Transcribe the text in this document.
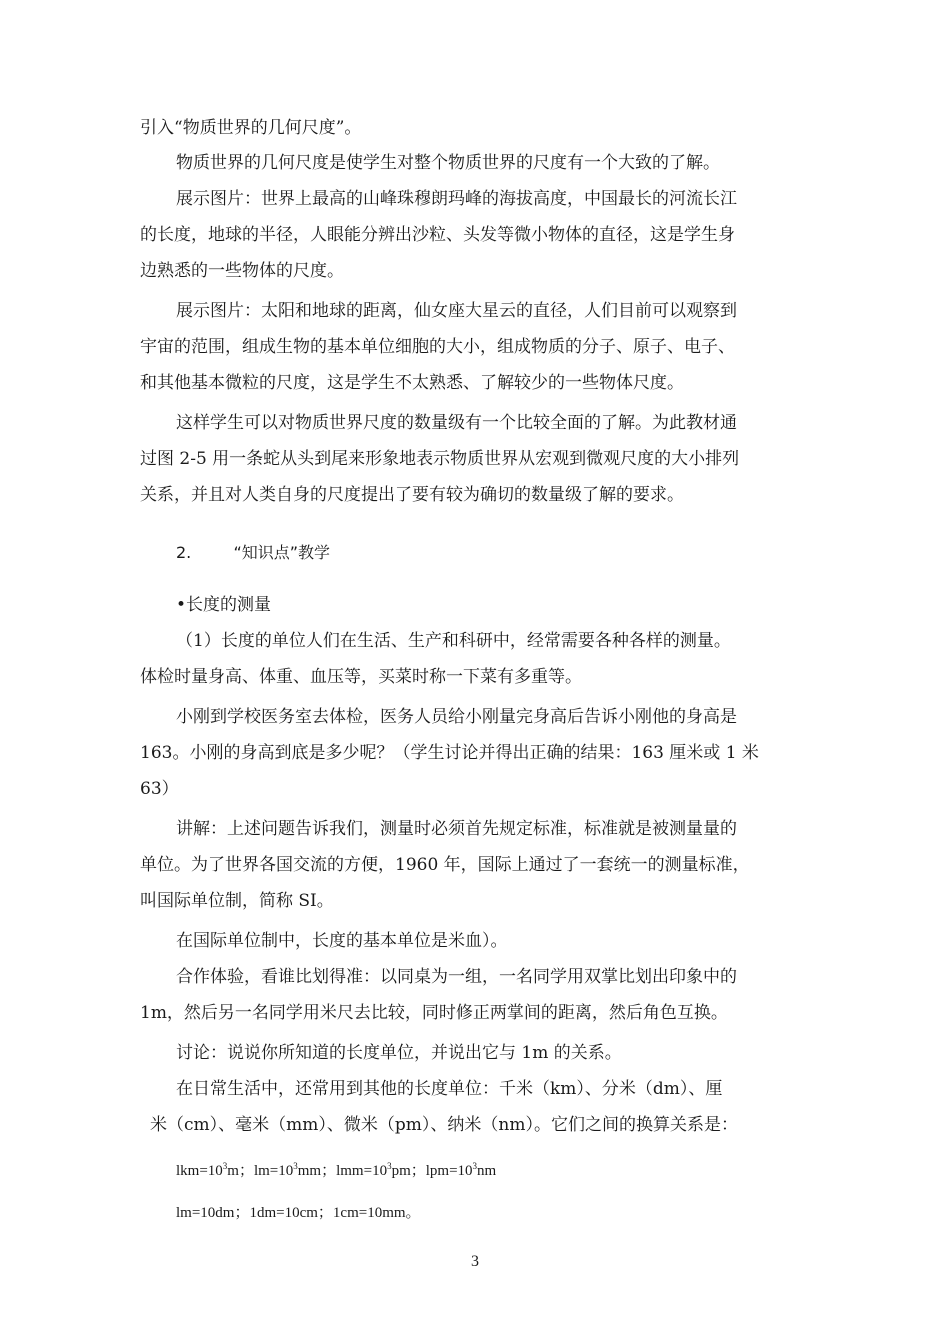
引入“物质世界的几何尺度”。
物质世界的几何尺度是使学生对整个物质世界的尺度有一个大致的了解。
展示图片：世界上最高的山峰珠穆朗玛峰的海拔高度，中国最长的河流长江
的长度，地球的半径，人眼能分辨出沙粒、头发等微小物体的直径，这是学生身
边熟悉的一些物体的尺度。
展示图片：太阳和地球的距离，仙女座大星云的直径，人们目前可以观察到
宇宙的范围，组成生物的基本单位细胞的大小，组成物质的分子、原子、电子、
和其他基本微粒的尺度，这是学生不太熟悉、了解较少的一些物体尺度。
这样学生可以对物质世界尺度的数量级有一个比较全面的了解。为此教材通
过图 2-5 用一条蛇从头到尾来形象地表示物质世界从宏观到微观尺度的大小排列
关系，并且对人类自身的尺度提出了要有较为确切的数量级了解的要求。
2.	“知识点”教学
•长度的测量
（1）长度的单位人们在生活、生产和科研中，经常需要各种各样的测量。
体检时量身高、体重、血压等，买菜时称一下菜有多重等。
小刚到学校医务室去体检，医务人员给小刚量完身高后告诉小刚他的身高是
163。小刚的身高到底是多少呢？（学生讨论并得出正确的结果：163 厘米或 1 米
63）
讲解：上述问题告诉我们，测量时必须首先规定标准，标准就是被测量量的
单位。为了世界各国交流的方便，1960 年，国际上通过了一套统一的测量标准，
叫国际单位制，简称 SI。
在国际单位制中，长度的基本单位是米血）。
合作体验，看谁比划得准：以同桌为一组，一名同学用双掌比划出印象中的
1m，然后另一名同学用米尺去比较，同时修正两掌间的距离，然后角色互换。
讨论：说说你所知道的长度单位，并说出它与 1m 的关系。
在日常生活中，还常用到其他的长度单位：千米（km）、分米（dm）、厘
米（cm）、毫米（mm）、微米（pm）、纳米（nm）。它们之间的换算关系是：
$lkm=10^3m$；$lm=10^3mm$；$lmm=10^3pm$；$lpm=10^3nm$
lm=10dm；1dm=10cm；1cm=10mm。
3
